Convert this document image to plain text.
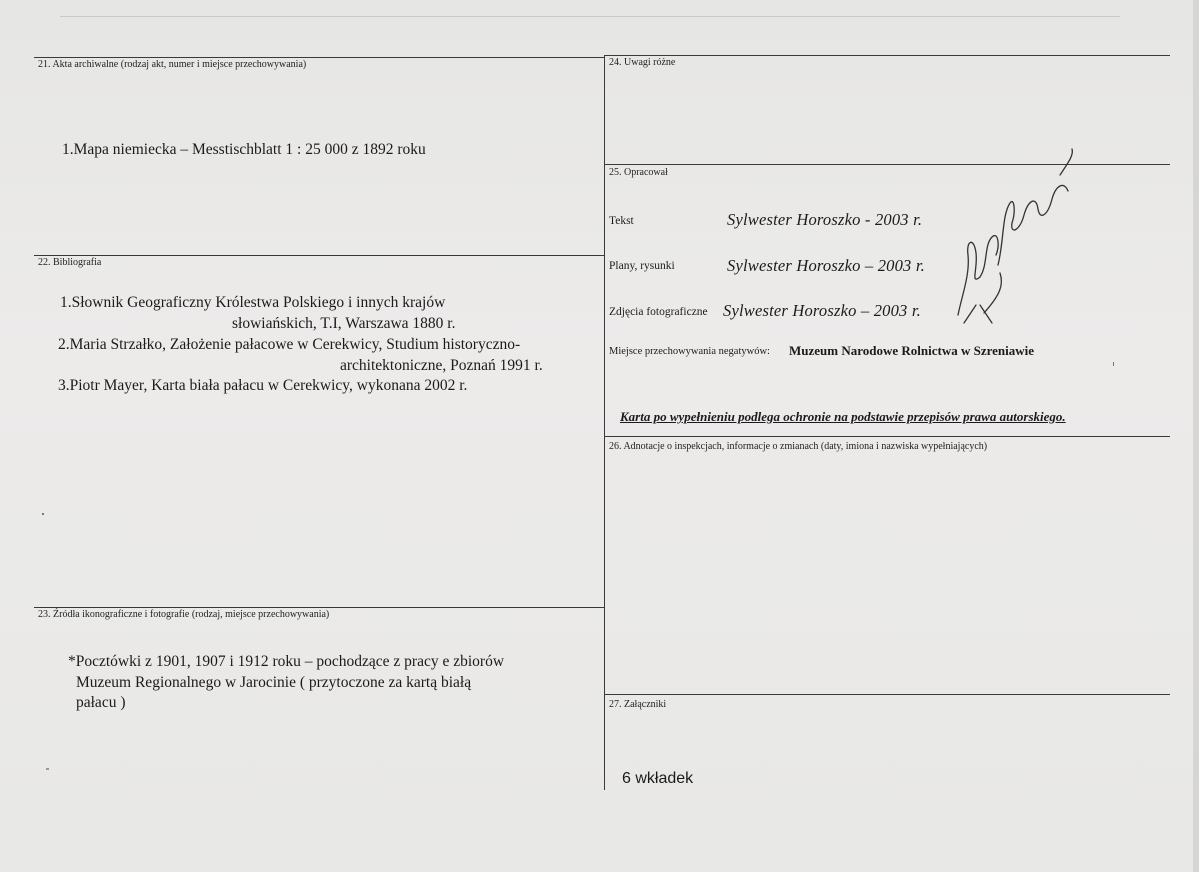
21. Akta archiwalne (rodzaj akt, numer i miejsce przechowywania)
1.Mapa niemiecka – Messtischblatt 1 : 25 000 z 1892 roku
22. Bibliografia
1.Słownik Geograficzny Królestwa Polskiego i innych krajów
słowiańskich, T.I, Warszawa 1880 r.
2.Maria Strzałko, Założenie pałacowe w Cerekwicy, Studium historyczno-
architektoniczne, Poznań 1991 r.
3.Piotr Mayer, Karta biała pałacu w Cerekwicy, wykonana 2002 r.
23. Źródła ikonograficzne i fotografie (rodzaj, miejsce przechowywania)
*Pocztówki z 1901, 1907 i 1912 roku – pochodzące z pracy e zbiorów
Muzeum Regionalnego w Jarocinie ( przytoczone za kartą białą
pałacu )
24. Uwagi różne
25. Opracował
Tekst	Sylwester Horoszko - 2003 r.
Plany, rysunki	Sylwester Horoszko – 2003 r.
Zdjęcia fotograficzne Sylwester Horoszko – 2003 r.
Miejsce przechowywania negatywów: Muzeum Narodowe Rolnictwa w Szreniawie
Karta po wypełnieniu podlega ochronie na podstawie przepisów prawa autorskiego.
26. Adnotacje o inspekcjach, informacje o zmianach (daty, imiona i nazwiska wypełniających)
27. Załączniki
6 wkładek
